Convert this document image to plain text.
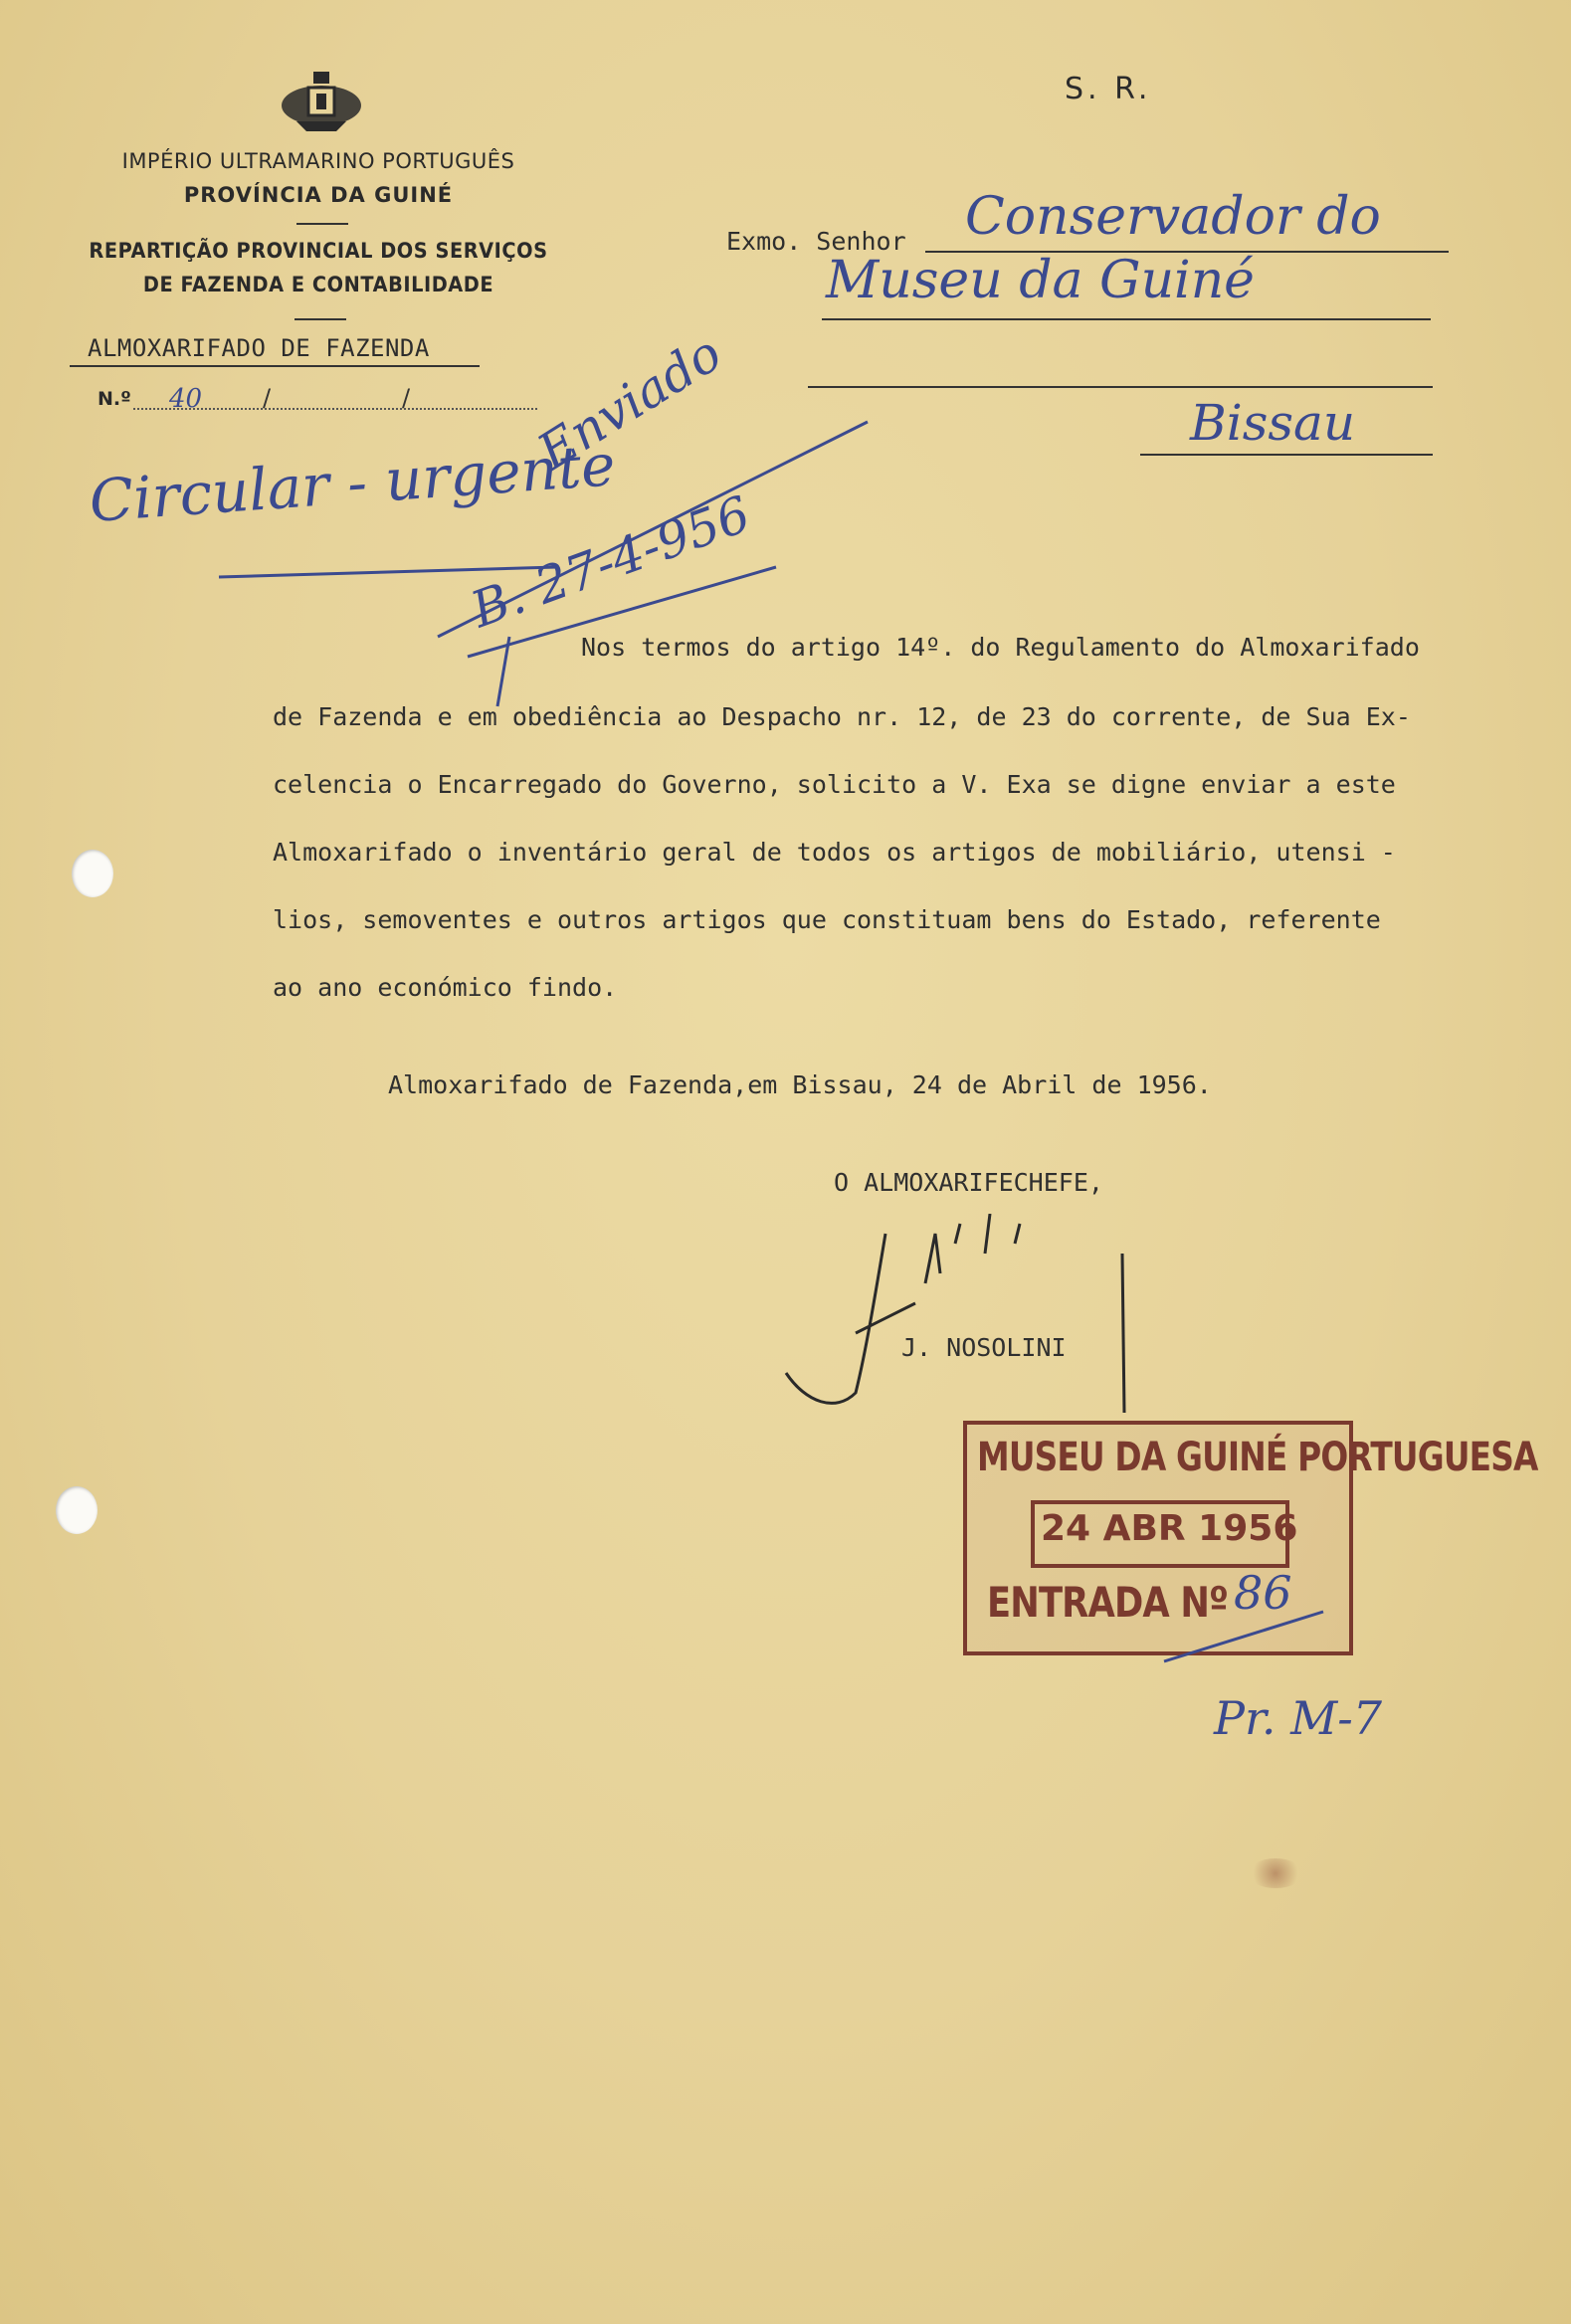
IMPÉRIO ULTRAMARINO PORTUGUÊS
PROVÍNCIA DA GUINÉ
REPARTIÇÃO PROVINCIAL DOS SERVIÇOS
DE FAZENDA E CONTABILIDADE
ALMOXARIFADO DE FAZENDA
N.º 40	/	/
S. R.
Exmo. Senhor Conservador do
Museu da Guiné
Bissau
Circular - urgente
Enviado
B. 27-4-956
Nos termos do artigo 14º. do Regulamento do Almoxarifado
de Fazenda e em obediência ao Despacho nr. 12, de 23 do corrente, de Sua Ex-
celencia o Encarregado do Governo, solicito a V. Exa se digne enviar a este
Almoxarifado o inventário geral de todos os artigos de mobiliário, utensi -
lios, semoventes e outros artigos que constituam bens do Estado, referente
ao ano económico findo.
Almoxarifado de Fazenda,em Bissau, 24 de Abril de 1956.
O ALMOXARIFECHEFE,
J. NOSOLINI
MUSEU DA GUINÉ PORTUGUESA
24 ABR 1956
ENTRADA Nº 86
Pr. M-7
